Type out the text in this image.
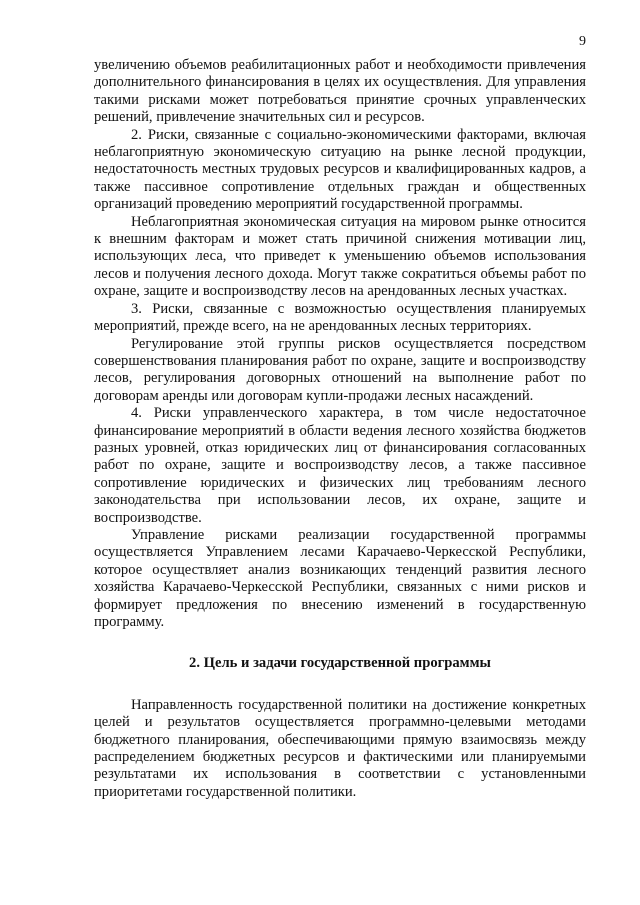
9

увеличению объемов реабилитационных работ и необходимости привлечения дополнительного финансирования в целях их осуществления. Для управления такими рисками может потребоваться принятие срочных управленческих решений, привлечение значительных сил и ресурсов.

2. Риски, связанные с социально-экономическими факторами, включая неблагоприятную экономическую ситуацию на рынке лесной продукции, недостаточность местных трудовых ресурсов и квалифицированных кадров, а также пассивное сопротивление отдельных граждан и общественных организаций проведению мероприятий государственной программы.

Неблагоприятная экономическая ситуация на мировом рынке относится к внешним факторам и может стать причиной снижения мотивации лиц, использующих леса, что приведет к уменьшению объемов использования лесов и получения лесного дохода. Могут также сократиться объемы работ по охране, защите и воспроизводству лесов на арендованных лесных участках.

3. Риски, связанные с возможностью осуществления планируемых мероприятий, прежде всего, на не арендованных лесных территориях.

Регулирование этой группы рисков осуществляется посредством совершенствования планирования работ по охране, защите и воспроизводству лесов, регулирования договорных отношений на выполнение работ по договорам аренды или договорам купли-продажи лесных насаждений.

4. Риски управленческого характера, в том числе недостаточное финансирование мероприятий в области ведения лесного хозяйства бюджетов разных уровней, отказ юридических лиц от финансирования согласованных работ по охране, защите и воспроизводству лесов, а также пассивное сопротивление юридических и физических лиц требованиям лесного законодательства при использовании лесов, их охране, защите и воспроизводстве.

Управление рисками реализации государственной программы осуществляется Управлением лесами Карачаево-Черкесской Республики, которое осуществляет анализ возникающих тенденций развития лесного хозяйства Карачаево-Черкесской Республики, связанных с ними рисков и формирует предложения по внесению изменений в государственную программу.

2. Цель и задачи государственной программы

Направленность государственной политики на достижение конкретных целей и результатов осуществляется программно-целевыми методами бюджетного планирования, обеспечивающими прямую взаимосвязь между распределением бюджетных ресурсов и фактическими или планируемыми результатами их использования в соответствии с установленными приоритетами государственной политики.
